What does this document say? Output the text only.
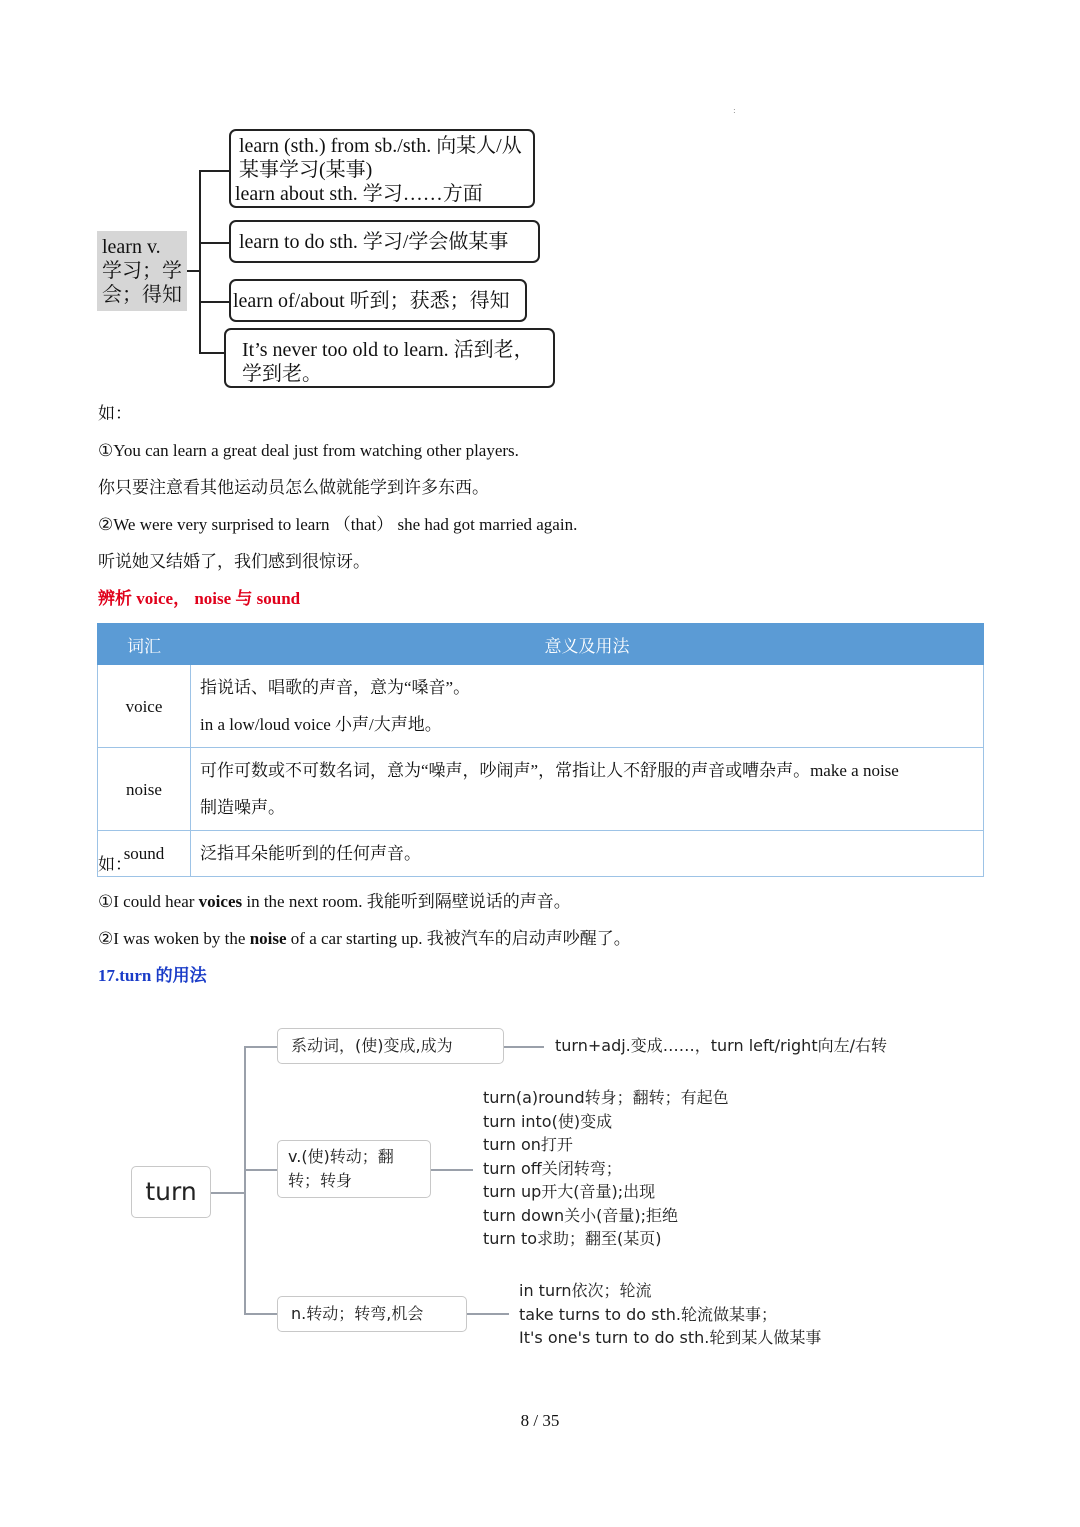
:
learn v. 学习；学会；得知
learn (sth.) from sb./sth. 向某人/从某事学习(某事)
learn about sth. 学习……方面
learn to do sth. 学习/学会做某事
learn of/about 听到；获悉；得知
It’s never too old to learn. 活到老，学到老。
如：
①You can learn a great deal just from watching other players.
你只要注意看其他运动员怎么做就能学到许多东西。
②We were very surprised to learn （that） she had got married again.
听说她又结婚了，我们感到很惊讶。
辨析 voice， noise 与 sound
词汇	意义及用法
voice	指说话、唱歌的声音，意为“嗓音”。
in a low/loud voice 小声/大声地。

noise	可作可数或不可数名词，意为“噪声，吵闹声”，常指让人不舒服的声音或嘈杂声。make a noise
制造噪声。

sound	泛指耳朵能听到的任何声音。
如：
①I could hear voices in the next room. 我能听到隔壁说话的声音。
②I was woken by the noise of a car starting up. 我被汽车的启动声吵醒了。
17.turn 的用法
turn
系动词，(使)变成,成为
v.(使)转动；翻转；转身
n.转动；转弯,机会
turn+adj.变成……，turn left/right向左/右转
turn(a)round转身；翻转；有起色
turn into(使)变成
turn on打开
turn off关闭转弯；
turn up开大(音量);出现
turn down关小(音量);拒绝
turn to求助；翻至(某页)
in turn依次；轮流
take turns to do sth.轮流做某事；
It's one's turn to do sth.轮到某人做某事
8 / 35
